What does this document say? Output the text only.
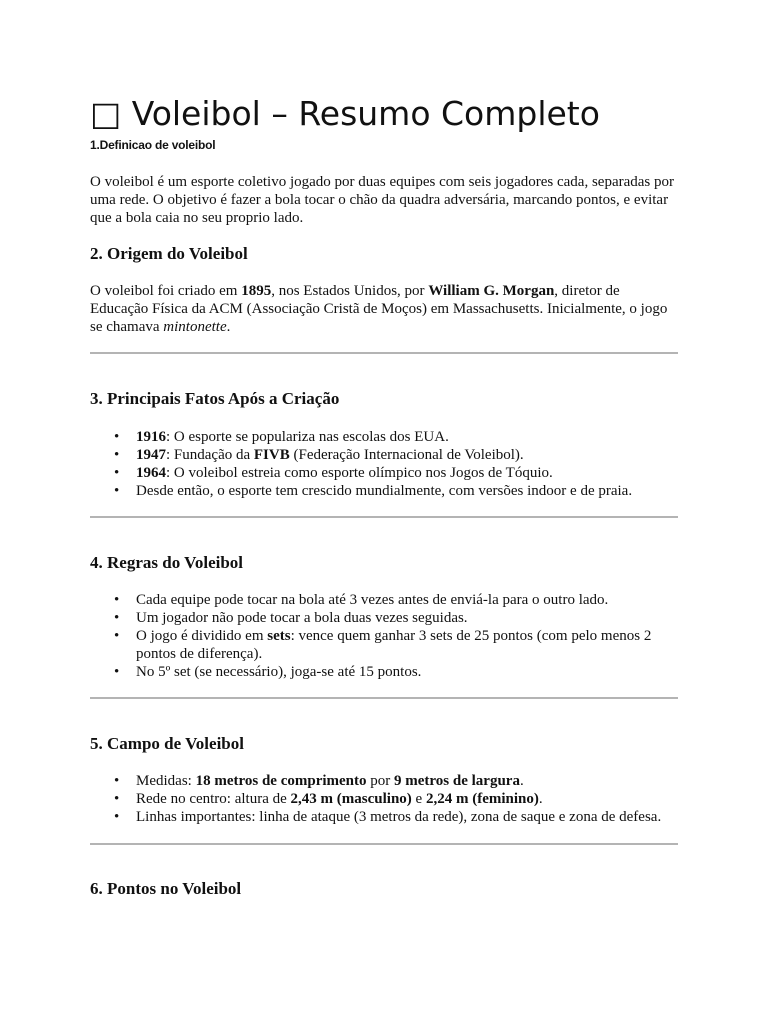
□ Voleibol – Resumo Completo

1.Definicao de voleibol

O voleibol é um esporte coletivo jogado por duas equipes com seis jogadores cada, separadas por uma rede. O objetivo é fazer a bola tocar o chão da quadra adversária, marcando pontos, e evitar que a bola caia no seu proprio lado.

2. Origem do Voleibol

O voleibol foi criado em 1895, nos Estados Unidos, por William G. Morgan, diretor de Educação Física da ACM (Associação Cristã de Moços) em Massachusetts. Inicialmente, o jogo se chamava mintonette.

3. Principais Fatos Após a Criação
• 1916: O esporte se populariza nas escolas dos EUA.
• 1947: Fundação da FIVB (Federação Internacional de Voleibol).
• 1964: O voleibol estreia como esporte olímpico nos Jogos de Tóquio.
• Desde então, o esporte tem crescido mundialmente, com versões indoor e de praia.
4. Regras do Voleibol
• Cada equipe pode tocar na bola até 3 vezes antes de enviá-la para o outro lado.
• Um jogador não pode tocar a bola duas vezes seguidas.
• O jogo é dividido em sets: vence quem ganhar 3 sets de 25 pontos (com pelo menos 2 pontos de diferença).
• No 5º set (se necessário), joga-se até 15 pontos.
5. Campo de Voleibol
• Medidas: 18 metros de comprimento por 9 metros de largura.
• Rede no centro: altura de 2,43 m (masculino) e 2,24 m (feminino).
• Linhas importantes: linha de ataque (3 metros da rede), zona de saque e zona de defesa.
6. Pontos no Voleibol
